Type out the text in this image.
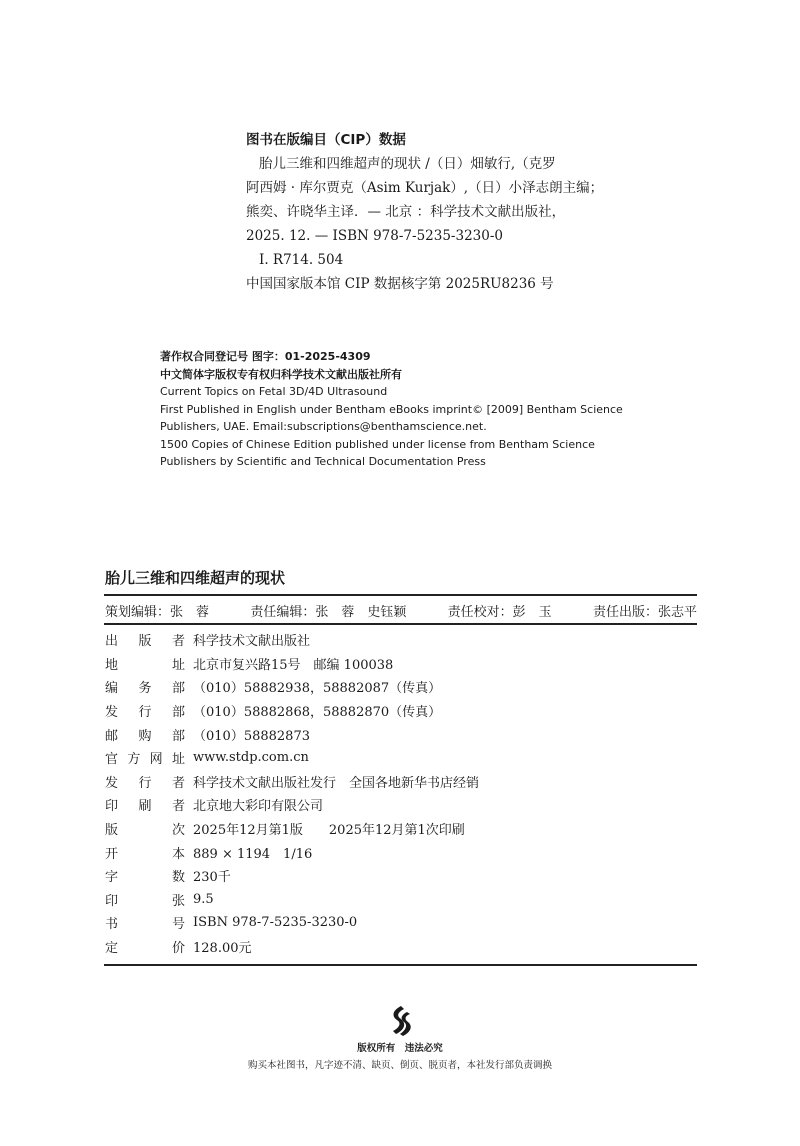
图书在版编目（CIP）数据
胎儿三维和四维超声的现状 /（日）畑敏行,（克罗
阿西姆 · 库尔贾克（Asim Kurjak）,（日）小泽志朗主编；
熊奕、许晓华主译．— 北京 ：科学技术文献出版社，
2025. 12. — ISBN 978-7-5235-3230-0
Ⅰ. R714. 504
中国国家版本馆 CIP 数据核字第 2025RU8236 号
著作权合同登记号 图字：01-2025-4309
中文简体字版权专有权归科学技术文献出版社所有
Current Topics on Fetal 3D/4D Ultrasound
First Published in English under Bentham eBooks imprint© [2009] Bentham Science
Publishers, UAE. Email:subscriptions@benthamscience.net.
1500 Copies of Chinese Edition published under license from Bentham Science
Publishers by Scientific and Technical Documentation Press
胎儿三维和四维超声的现状
策划编辑：张　蓉	责任编辑：张　蓉　史钰颖	责任校对：彭　玉	责任出版：张志平
出 版 者 科学技术文献出版社
地	址 北京市复兴路15号　邮编 100038
编 务 部 （010）58882938，58882087（传真）
发 行 部 （010）58882868，58882870（传真）
邮 购 部 （010）58882873
官 方 网 址 www.stdp.com.cn
发 行 者 科学技术文献出版社发行　全国各地新华书店经销
印 刷 者 北京地大彩印有限公司
版	次 2025年12月第1版　　2025年12月第1次印刷
开	本 889 × 1194　1/16
字	数 230千
印	张 9.5
书	号 ISBN 978-7-5235-3230-0
定	价 128.00元
版权所有　违法必究
购买本社图书，凡字迹不清、缺页、倒页、脱页者，本社发行部负责调换
